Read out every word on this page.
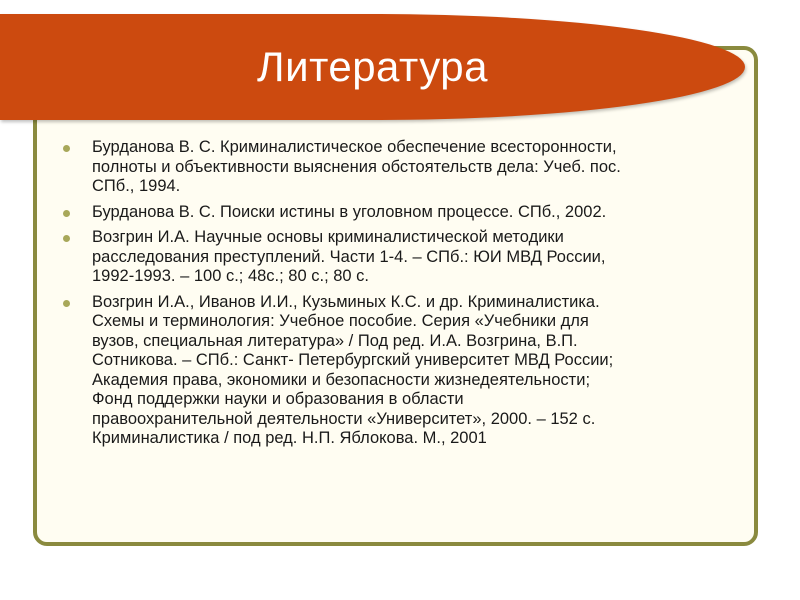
Литература
Бурданова В. С. Криминалистическое обеспечение всесторонности,
полноты и объективности выяснения обстоятельств дела: Учеб. пос.
СПб., 1994.
Бурданова В. С. Поиски истины в уголовном процессе. СПб., 2002.
Возгрин И.А. Научные основы криминалистической методики
расследования преступлений. Части 1-4. – СПб.: ЮИ МВД России,
1992-1993. – 100 с.; 48с.; 80 с.; 80 с.
Возгрин И.А., Иванов И.И., Кузьминых К.С. и др. Криминалистика.
Схемы и терминология: Учебное пособие. Серия «Учебники для
вузов, специальная литература» / Под ред. И.А. Возгрина, В.П.
Сотникова. – СПб.: Санкт- Петербургский университет МВД России;
Академия права, экономики и безопасности жизнедеятельности;
Фонд поддержки науки и образования в области
правоохранительной деятельности «Университет», 2000. – 152 с.
Криминалистика / под ред. Н.П. Яблокова. М., 2001
